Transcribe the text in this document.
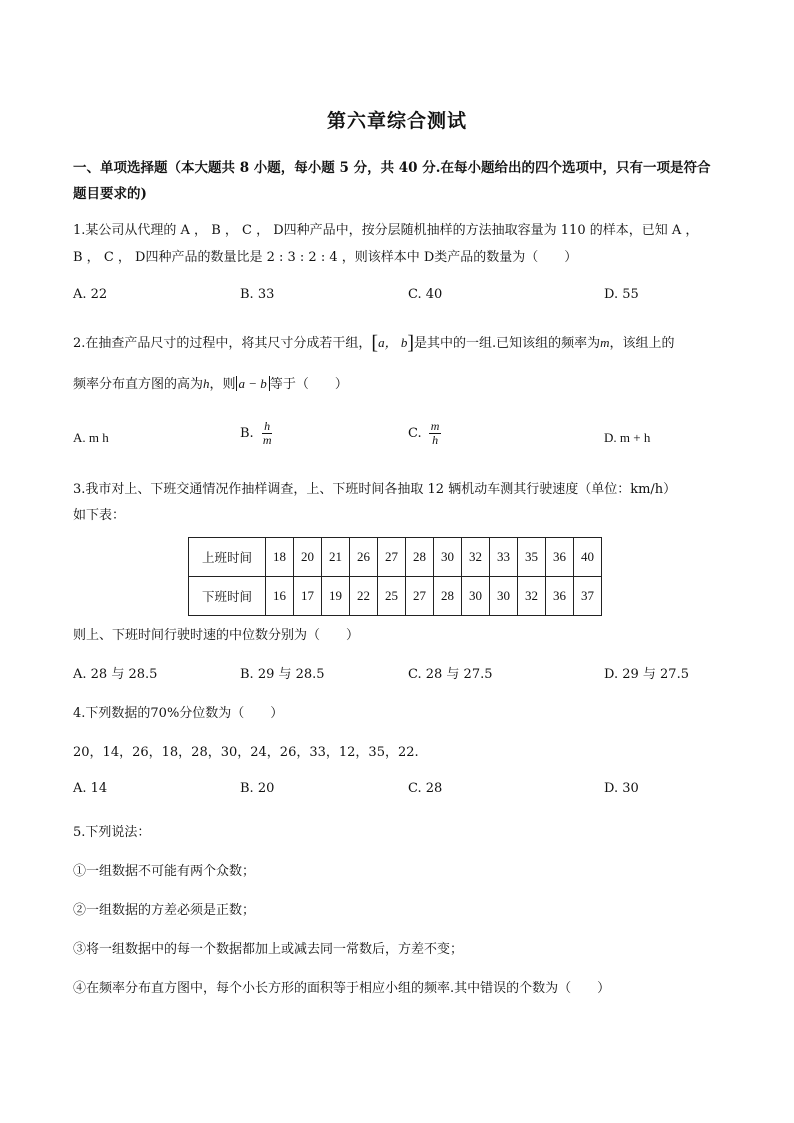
第六章综合测试
一、单项选择题（本大题共 8 小题，每小题 5 分，共 40 分.在每小题给出的四个选项中，只有一项是符合
题目要求的)
1.某公司从代理的 A ， B ， C ， D四种产品中，按分层随机抽样的方法抽取容量为 110 的样本，已知 A ，
B ， C ， D四种产品的数量比是 2 : 3 : 2 : 4 ，则该样本中 D类产品的数量为（　　）
A. 22	B. 33	C. 40	D. 55
2.在抽查产品尺寸的过程中，将其尺寸分成若干组，[a， b]是其中的一组.已知该组的频率为m，该组上的
频率分布直方图的高为h，则 a − b 等于（　　）
A. m h	B. $\frac{h}{m}$	C. $\frac{m}{h}$	D. m + h
3.我市对上、下班交通情况作抽样调查，上、下班时间各抽取 12 辆机动车测其行驶速度（单位：km/h）
如下表：
上班时间	18	20	21	26	27	28	30	32	33	35	36	40
下班时间	16	17	19	22	25	27	28	30	30	32	36	37
则上、下班时间行驶时速的中位数分别为（　　）
A. 28 与 28.5	B. 29 与 28.5	C. 28 与 27.5	D. 29 与 27.5
4.下列数据的70%分位数为（　　）
20，14，26，18，28，30，24，26，33，12，35，22.
A. 14	B. 20	C. 28	D. 30
5.下列说法：
①一组数据不可能有两个众数；
②一组数据的方差必须是正数；
③将一组数据中的每一个数据都加上或减去同一常数后，方差不变；
④在频率分布直方图中，每个小长方形的面积等于相应小组的频率.其中错误的个数为（　　）
